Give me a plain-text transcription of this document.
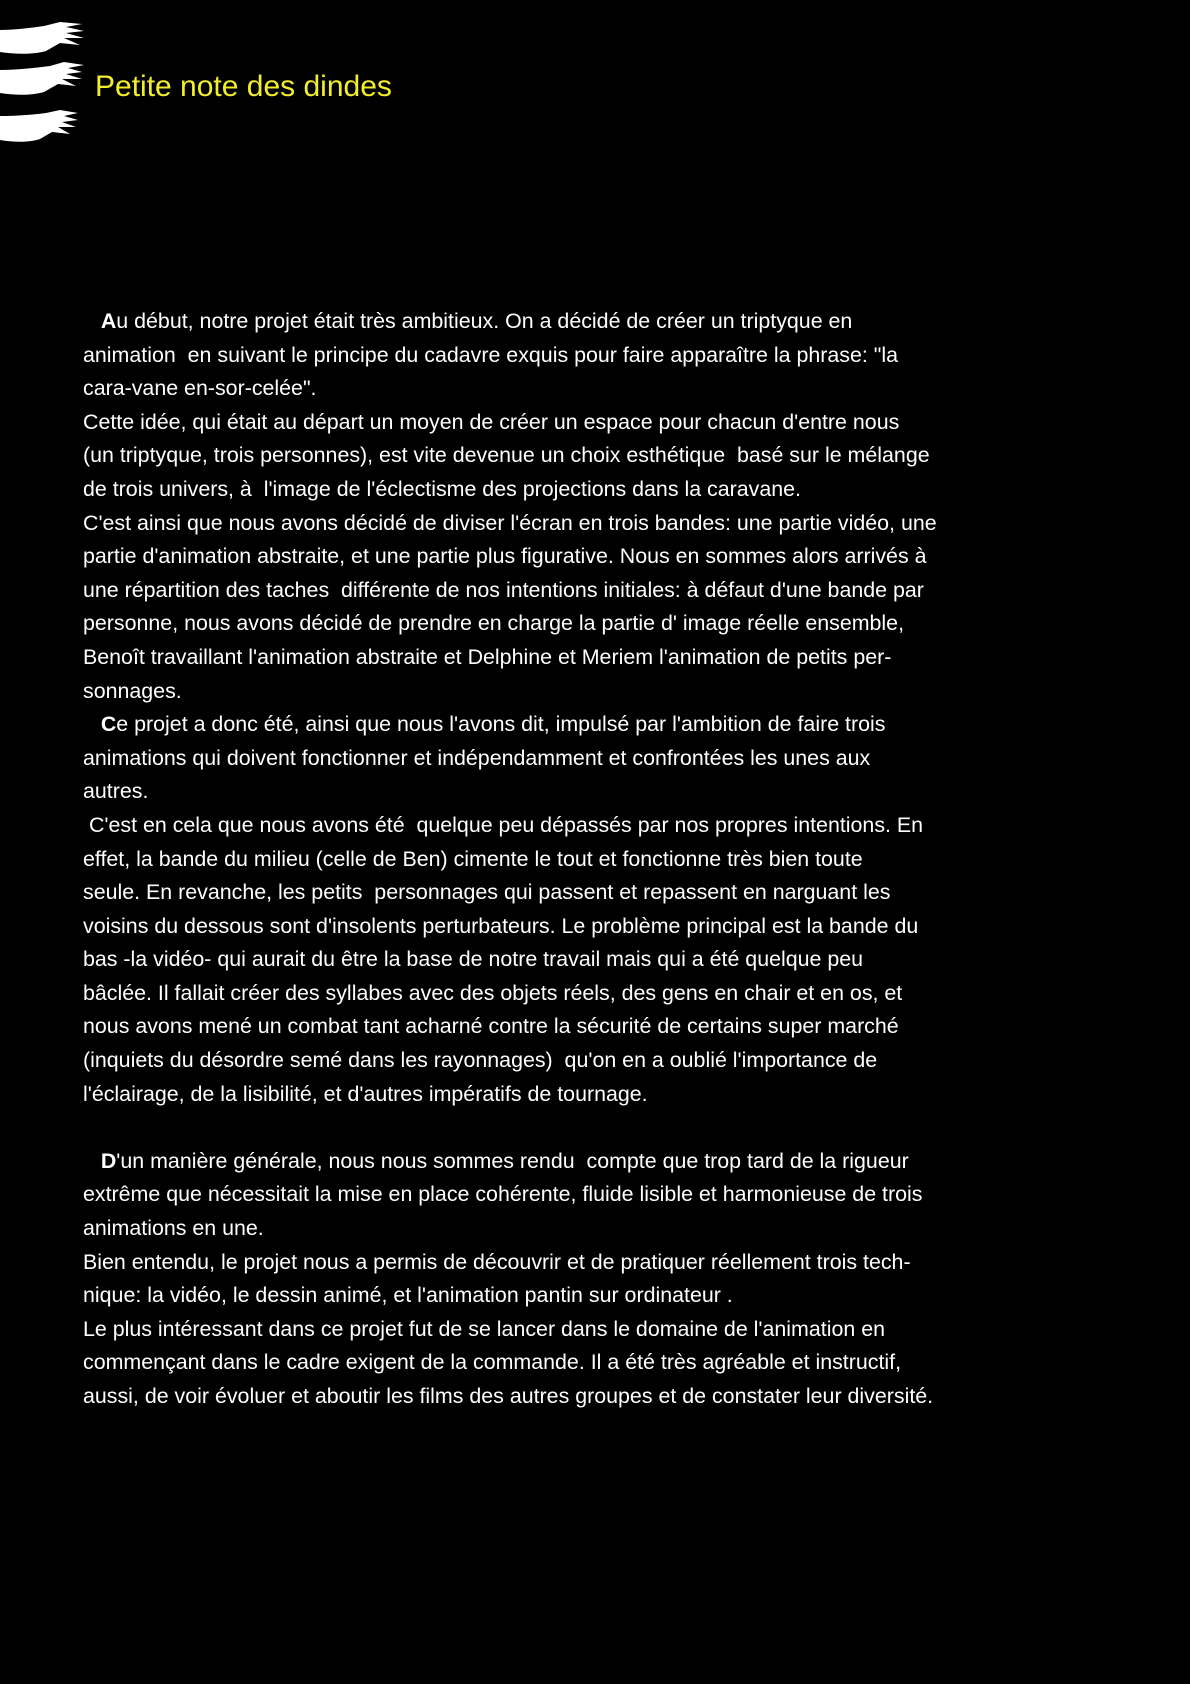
Petite note des dindes
Au début, notre projet était très ambitieux. On a décidé de créer un triptyque en
animation  en suivant le principe du cadavre exquis pour faire apparaître la phrase: "la
cara-vane en-sor-celée".
Cette idée, qui était au départ un moyen de créer un espace pour chacun d'entre nous
(un triptyque, trois personnes), est vite devenue un choix esthétique  basé sur le mélange
de trois univers, à  l'image de l'éclectisme des projections dans la caravane.
C'est ainsi que nous avons décidé de diviser l'écran en trois bandes: une partie vidéo, une
partie d'animation abstraite, et une partie plus figurative. Nous en sommes alors arrivés à
une répartition des taches  différente de nos intentions initiales: à défaut d'une bande par
personne, nous avons décidé de prendre en charge la partie d' image réelle ensemble,
Benoît travaillant l'animation abstraite et Delphine et Meriem l'animation de petits per-
sonnages.
Ce projet a donc été, ainsi que nous l'avons dit, impulsé par l'ambition de faire trois
animations qui doivent fonctionner et indépendamment et confrontées les unes aux
autres.
C'est en cela que nous avons été  quelque peu dépassés par nos propres intentions. En
effet, la bande du milieu (celle de Ben) cimente le tout et fonctionne très bien toute
seule. En revanche, les petits  personnages qui passent et repassent en narguant les
voisins du dessous sont d'insolents perturbateurs. Le problème principal est la bande du
bas -la vidéo- qui aurait du être la base de notre travail mais qui a été quelque peu
bâclée. Il fallait créer des syllabes avec des objets réels, des gens en chair et en os, et
nous avons mené un combat tant acharné contre la sécurité de certains super marché
(inquiets du désordre semé dans les rayonnages)  qu'on en a oublié l'importance de
l'éclairage, de la lisibilité, et d'autres impératifs de tournage.
D'un manière générale, nous nous sommes rendu  compte que trop tard de la rigueur
extrême que nécessitait la mise en place cohérente, fluide lisible et harmonieuse de trois
animations en une.
Bien entendu, le projet nous a permis de découvrir et de pratiquer réellement trois tech-
nique: la vidéo, le dessin animé, et l'animation pantin sur ordinateur .
Le plus intéressant dans ce projet fut de se lancer dans le domaine de l'animation en
commençant dans le cadre exigent de la commande. Il a été très agréable et instructif,
aussi, de voir évoluer et aboutir les films des autres groupes et de constater leur diversité.
